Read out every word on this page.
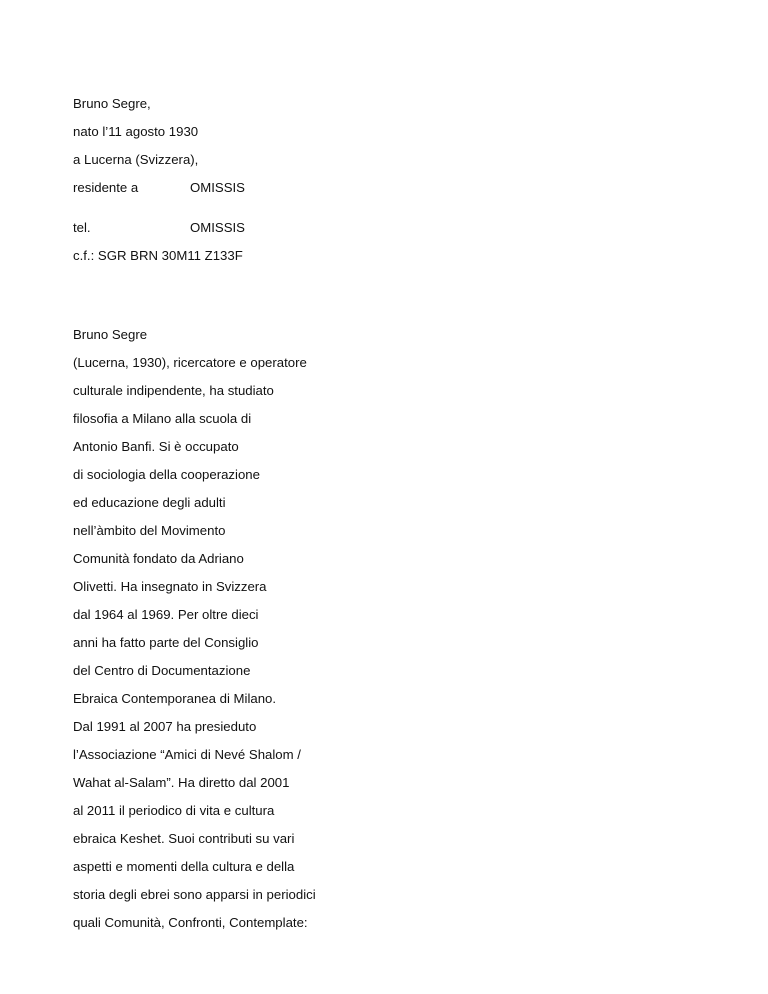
Bruno Segre,
nato l’11 agosto 1930
a Lucerna (Svizzera),
residente a	OMISSIS
tel.	OMISSIS
c.f.: SGR BRN 30M11 Z133F
Bruno Segre
(Lucerna, 1930), ricercatore e operatore
culturale indipendente, ha studiato
filosofia a Milano alla scuola di
Antonio Banfi. Si è occupato
di sociologia della cooperazione
ed educazione degli adulti
nell’àmbito del Movimento
Comunità fondato da Adriano
Olivetti. Ha insegnato in Svizzera
dal 1964 al 1969. Per oltre dieci
anni ha fatto parte del Consiglio
del Centro di Documentazione
Ebraica Contemporanea di Milano.
Dal 1991 al 2007 ha presieduto
l’Associazione “Amici di Nevé Shalom /
Wahat al-Salam”. Ha diretto dal 2001
al 2011 il periodico di vita e cultura
ebraica Keshet. Suoi contributi su vari
aspetti e momenti della cultura e della
storia degli ebrei sono apparsi in periodici
quali Comunità, Confronti, Contemplate:
